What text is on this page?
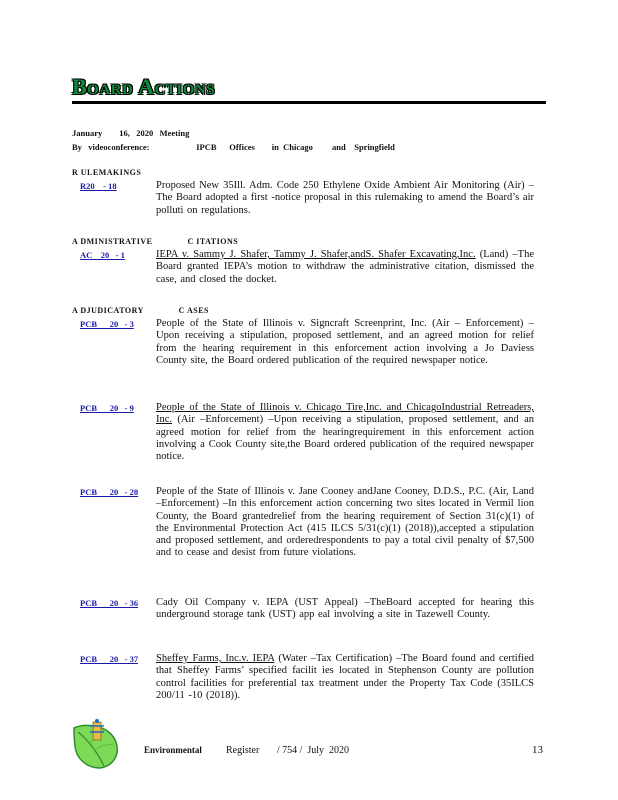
Board Actions
January        16,   2020   Meeting
By   videoconference:                      IPCB      Offices        in  Chicago         and    Springfield
R ULEMAKINGS
R20    - 18	Proposed New 35Ill. Adm. Code 250 Ethylene Oxide Ambient Air Monitoring (Air) –The Board adopted a first -notice proposal in this rulemaking to amend the Board’s air polluti on regulations.
A DMINISTRATIVE              C ITATIONS
AC    20   - 1	IEPA v. Sammy J. Shafer, Tammy J. Shafer,andS. Shafer Excavating,Inc. (Land) –The Board granted IEPA’s motion to withdraw the administrative citation, dismissed the case, and closed the docket.
A DJUDICATORY              C ASES
PCB      20   - 3 People of the State of Illinois v. Signcraft Screenprint, Inc. (Air – Enforcement) – Upon receiving a stipulation, proposed settlement, and an agreed motion for relief from the hearing requirement in this enforcement action involving a Jo Daviess County site, the Board ordered publication of the required newspaper notice.
PCB      20   - 9 People of the State of Illinois v. Chicago Tire,Inc. and ChicagoIndustrial Retreaders, Inc. (Air –Enforcement) –Upon receiving a stipulation, proposed settlement, and an agreed motion for relief from the hearingrequirement in this enforcement action involving a Cook County site,the Board ordered publication of the required newspaper notice.
PCB      20   - 28 People of the State of Illinois v. Jane Cooney andJane Cooney, D.D.S., P.C. (Air, Land –Enforcement) –In this enforcement action concerning two sites located in Vermil lion County, the Board grantedrelief from the hearing requirement of Section 31(c)(1) of the Environmental Protection Act (415 ILCS 5/31(c)(1) (2018)),accepted a stipulation and proposed settlement, and orderedrespondents to pay a total civil penalty of $7,500 and to cease and desist from future violations.
PCB      20   - 36 Cady Oil Company v. IEPA (UST Appeal) –TheBoard accepted for hearing this underground storage tank (UST) app eal involving a site in Tazewell County.
PCB      20   - 37 Sheffey Farms, Inc.v. IEPA (Water –Tax Certification) –The Board found and certified that Sheffey Farms’ specified facilit ies located in Stephenson County are pollution control facilities for preferential tax treatment under the Property Tax Code (35ILCS 200/11 -10 (2018)).
Environmental Register       / 754 /  July  2020	13
